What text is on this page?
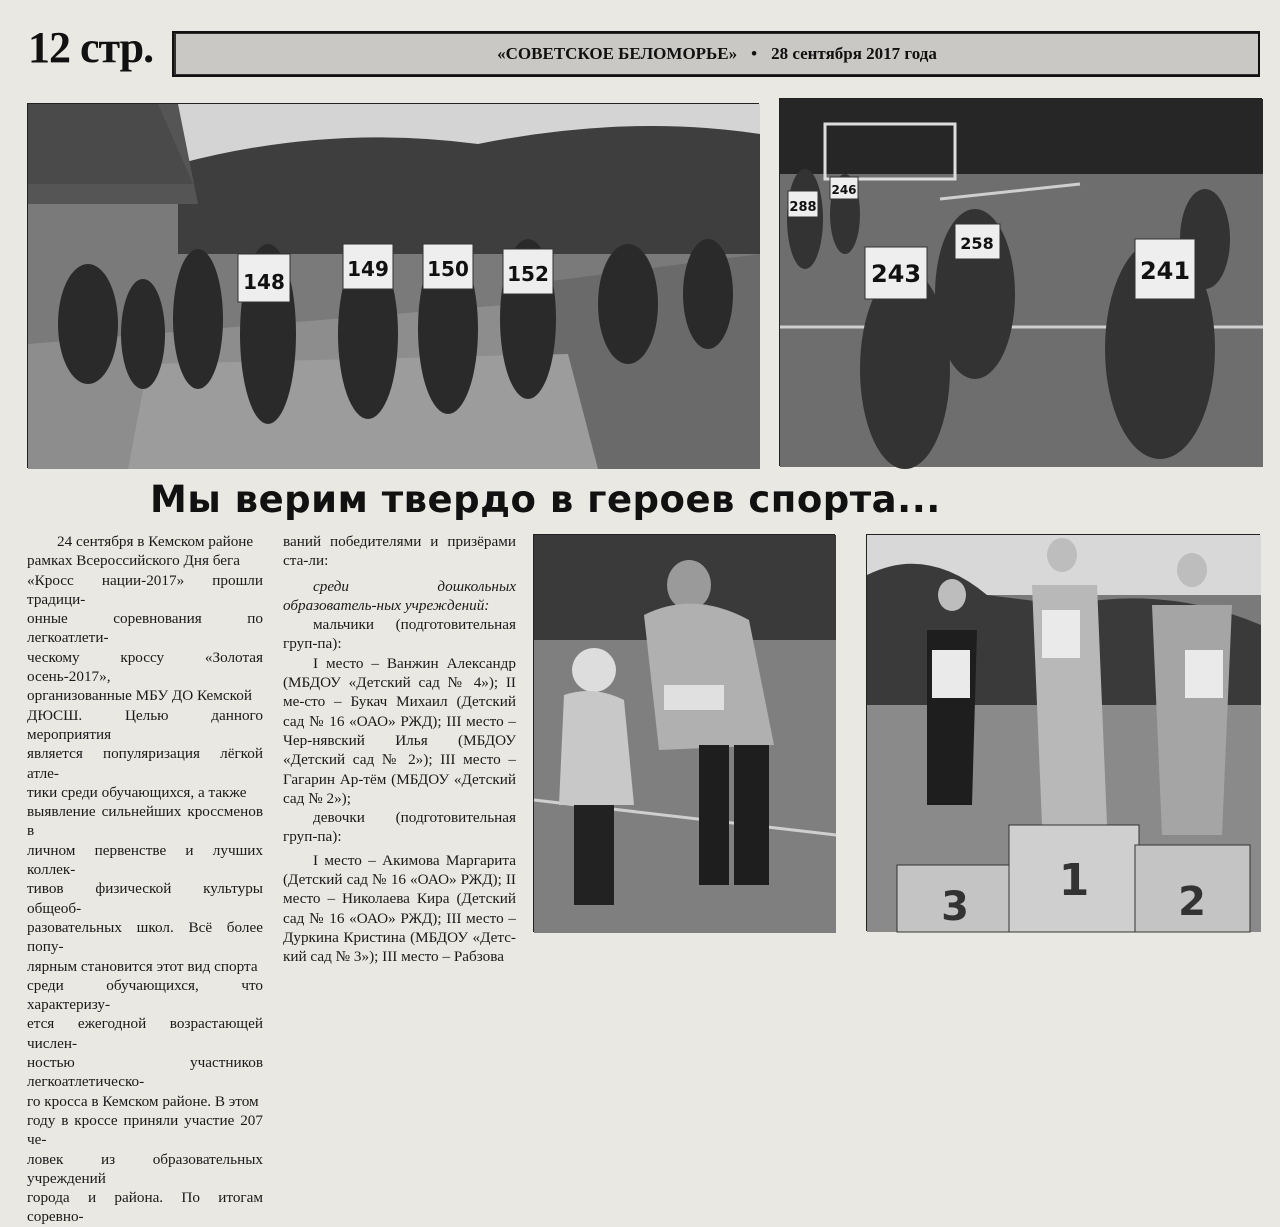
12 стр.	«СОВЕТСКОЕ БЕЛОМОРЬЕ» • 28 сентября 2017 года
148
149 150 152
288
246
243
258
241
Мы верим твердо в героев спорта...

24 сентября в Кемском районе

рамках Всероссийского Дня бега

«Кросс нации-2017» прошли традици-

онные соревнования по легкоатлети-

ческому кроссу «Золотая осень-2017»,

организованные МБУ ДО Кемской

ДЮСШ. Целью данного мероприятия

является популяризация лёгкой атле-

тики среди обучающихся, а также

выявление сильнейших кроссменов в

личном первенстве и лучших коллек-

тивов физической культуры общеоб-

разовательных школ. Всё более попу-

лярным становится этот вид спорта

среди обучающихся, что характеризу-

ется ежегодной возрастающей числен-

ностью участников легкоатлетическо-

го кросса в Кемском районе. В этом

году в кроссе приняли участие 207 че-

ловек из образовательных учреждений

города и района. По итогам соревно-

ваний победителями и призёрами ста-ли:

среди дошкольных образователь-ных учреждений:

мальчики (подготовительная груп-па):

I место – Ванжин Александр (МБДОУ «Детский сад № 4»); II ме-сто – Букач Михаил (Детский сад № 16 «ОАО» РЖД); III место – Чер-нявский Илья (МБДОУ «Детский сад № 2»); III место – Гагарин Ар-тём (МБДОУ «Детский сад № 2»);

девочки (подготовительная груп-па):

I место – Акимова Маргарита (Детский сад № 16 «ОАО» РЖД); II место – Николаева Кира (Детский сад № 16 «ОАО» РЖД); III место – Дуркина Кристина (МБДОУ «Детс-кий сад № 3»); III место – Рабзова

3
1 2
